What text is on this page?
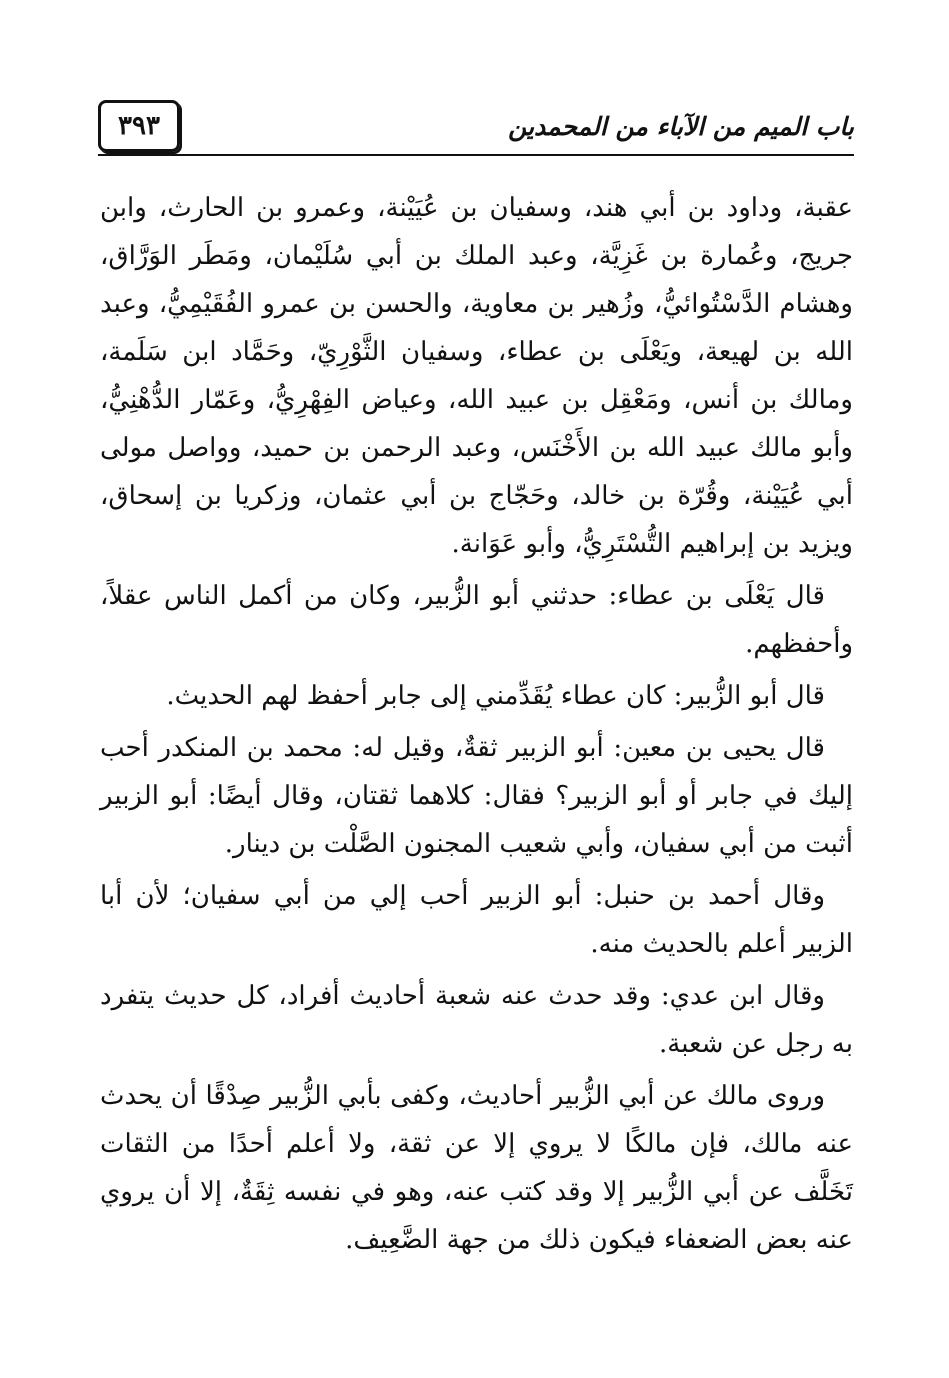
٣٩٣	باب الميم من الآباء من المحمدين

عقبة، وداود بن أبي هند، وسفيان بن عُيَيْنة، وعمرو بن الحارث، وابن جريج، وعُمارة بن غَزِيَّة، وعبد الملك بن أبي سُلَيْمان، ومَطَر الوَرَّاق، وهشام الدَّسْتُوائيُّ، وزُهير بن معاوية، والحسن بن عمرو الفُقَيْمِيُّ، وعبد الله بن لهيعة، ويَعْلَى بن عطاء، وسفيان الثَّوْرِيّ، وحَمَّاد ابن سَلَمة، ومالك بن أنس، ومَعْقِل بن عبيد الله، وعياض الفِهْرِيُّ، وعَمّار الدُّهْنِيُّ، وأبو مالك عبيد الله بن الأَخْنَس، وعبد الرحمن بن حميد، وواصل مولى أبي عُيَيْنة، وقُرّة بن خالد، وحَجّاج بن أبي عثمان، وزكريا بن إسحاق، ويزيد بن إبراهيم التُّسْتَرِيُّ، وأبو عَوَانة.

قال يَعْلَى بن عطاء: حدثني أبو الزُّبير، وكان من أكمل الناس عقلاً، وأحفظهم.

قال أبو الزُّبير: كان عطاء يُقَدِّمني إلى جابر أحفظ لهم الحديث.

قال يحيى بن معين: أبو الزبير ثقةٌ، وقيل له: محمد بن المنكدر أحب إليك في جابر أو أبو الزبير؟ فقال: كلاهما ثقتان، وقال أيضًا: أبو الزبير أثبت من أبي سفيان، وأبي شعيب المجنون الصَّلْت بن دينار.

وقال أحمد بن حنبل: أبو الزبير أحب إلي من أبي سفيان؛ لأن أبا الزبير أعلم بالحديث منه.

وقال ابن عدي: وقد حدث عنه شعبة أحاديث أفراد، كل حديث يتفرد به رجل عن شعبة.

وروى مالك عن أبي الزُّبير أحاديث، وكفى بأبي الزُّبير صِدْقًا أن يحدث عنه مالك، فإن مالكًا لا يروي إلا عن ثقة، ولا أعلم أحدًا من الثقات تَخَلَّف عن أبي الزُّبير إلا وقد كتب عنه، وهو في نفسه ثِقَةٌ، إلا أن يروي عنه بعض الضعفاء فيكون ذلك من جهة الضَّعِيف.
